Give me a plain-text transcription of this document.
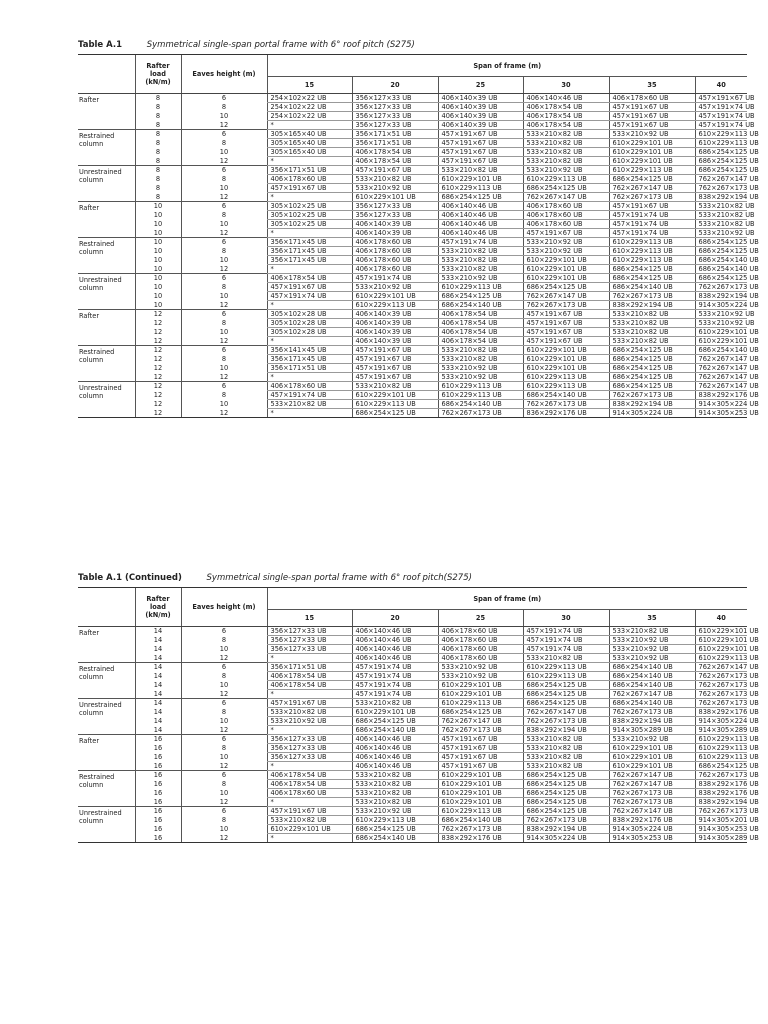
Table A.1	Symmetrical single-span portal frame with 6° roof pitch (S275)
	Rafter load (kN/m)	Eaves height (m)	Span of frame (m)					
			15	20	25	30	35	40
Rafter	8	6	254×102×22 UB	356×127×33 UB	406×140×39 UB	406×140×46 UB	406×178×60 UB	457×191×67 UB
	8	8	254×102×22 UB	356×127×33 UB	406×140×39 UB	406×178×54 UB	457×191×67 UB	457×191×74 UB
	8	10	254×102×22 UB	356×127×33 UB	406×140×39 UB	406×178×54 UB	457×191×67 UB	457×191×74 UB
	8	12	*	356×127×33 UB	406×140×39 UB	406×178×54 UB	457×191×67 UB	457×191×74 UB
Restrained column	8	6	305×165×40 UB	356×171×51 UB	457×191×67 UB	533×210×82 UB	533×210×92 UB	610×229×113 UB
	8	8	305×165×40 UB	356×171×51 UB	457×191×67 UB	533×210×82 UB	610×229×101 UB	610×229×113 UB
	8	10	305×165×40 UB	406×178×54 UB	457×191×67 UB	533×210×82 UB	610×229×101 UB	686×254×125 UB
	8	12	*	406×178×54 UB	457×191×67 UB	533×210×82 UB	610×229×101 UB	686×254×125 UB
Unrestrained column	8	6	356×171×51 UB	457×191×67 UB	533×210×82 UB	533×210×92 UB	610×229×113 UB	686×254×125 UB
	8	8	406×178×60 UB	533×210×82 UB	610×229×101 UB	610×229×113 UB	686×254×125 UB	762×267×147 UB
	8	10	457×191×67 UB	533×210×92 UB	610×229×113 UB	686×254×125 UB	762×267×147 UB	762×267×173 UB
	8	12	*	610×229×101 UB	686×254×125 UB	762×267×147 UB	762×267×173 UB	838×292×194 UB
Rafter	10	6	305×102×25 UB	356×127×33 UB	406×140×46 UB	406×178×60 UB	457×191×67 UB	533×210×82 UB
	10	8	305×102×25 UB	356×127×33 UB	406×140×46 UB	406×178×60 UB	457×191×74 UB	533×210×82 UB
	10	10	305×102×25 UB	406×140×39 UB	406×140×46 UB	406×178×60 UB	457×191×74 UB	533×210×82 UB
	10	12	*	406×140×39 UB	406×140×46 UB	457×191×67 UB	457×191×74 UB	533×210×92 UB
Restrained column	10	6	356×171×45 UB	406×178×60 UB	457×191×74 UB	533×210×92 UB	610×229×113 UB	686×254×125 UB
	10	8	356×171×45 UB	406×178×60 UB	533×210×82 UB	533×210×92 UB	610×229×113 UB	686×254×125 UB
	10	10	356×171×45 UB	406×178×60 UB	533×210×82 UB	610×229×101 UB	610×229×113 UB	686×254×140 UB
	10	12	*	406×178×60 UB	533×210×82 UB	610×229×101 UB	686×254×125 UB	686×254×140 UB
Unrestrained column	10	6	406×178×54 UB	457×191×74 UB	533×210×92 UB	610×229×101 UB	686×254×125 UB	686×254×125 UB
	10	8	457×191×67 UB	533×210×92 UB	610×229×113 UB	686×254×125 UB	686×254×140 UB	762×267×173 UB
	10	10	457×191×74 UB	610×229×101 UB	686×254×125 UB	762×267×147 UB	762×267×173 UB	838×292×194 UB
	10	12	*	610×229×113 UB	686×254×140 UB	762×267×173 UB	838×292×194 UB	914×305×224 UB
Rafter	12	6	305×102×28 UB	406×140×39 UB	406×178×54 UB	457×191×67 UB	533×210×82 UB	533×210×92 UB
	12	8	305×102×28 UB	406×140×39 UB	406×178×54 UB	457×191×67 UB	533×210×82 UB	533×210×92 UB
	12	10	305×102×28 UB	406×140×39 UB	406×178×54 UB	457×191×67 UB	533×210×82 UB	610×229×101 UB
	12	12	*	406×140×39 UB	406×178×54 UB	457×191×67 UB	533×210×82 UB	610×229×101 UB
Restrained column	12	6	356×141×45 UB	457×191×67 UB	533×210×82 UB	610×229×101 UB	686×254×125 UB	686×254×140 UB
	12	8	356×171×45 UB	457×191×67 UB	533×210×82 UB	610×229×101 UB	686×254×125 UB	762×267×147 UB
	12	10	356×171×51 UB	457×191×67 UB	533×210×92 UB	610×229×101 UB	686×254×125 UB	762×267×147 UB
	12	12	*	457×191×67 UB	533×210×92 UB	610×229×113 UB	686×254×125 UB	762×267×147 UB
Unrestrained column	12	6	406×178×60 UB	533×210×82 UB	610×229×113 UB	610×229×113 UB	686×254×125 UB	762×267×147 UB
	12	8	457×191×74 UB	610×229×101 UB	610×229×113 UB	686×254×140 UB	762×267×173 UB	838×292×176 UB
	12	10	533×210×82 UB	610×229×113 UB	686×254×140 UB	762×267×173 UB	838×292×194 UB	914×305×224 UB
	12	12	*	686×254×125 UB	762×267×173 UB	836×292×176 UB	914×305×224 UB	914×305×253 UB
Table A.1 (Continued)	Symmetrical single-span portal frame with 6° roof pitch(S275)
	Rafter load (kN/m)	Eaves height (m)	Span of frame (m)					
			15	20	25	30	35	40
Rafter	14	6	356×127×33 UB	406×140×46 UB	406×178×60 UB	457×191×74 UB	533×210×82 UB	610×229×101 UB
	14	8	356×127×33 UB	406×140×46 UB	406×178×60 UB	457×191×74 UB	533×210×92 UB	610×229×101 UB
	14	10	356×127×33 UB	406×140×46 UB	406×178×60 UB	457×191×74 UB	533×210×92 UB	610×229×101 UB
	14	12	*	406×140×46 UB	406×178×60 UB	533×210×82 UB	533×210×92 UB	610×229×113 UB
Restrained column	14	6	356×171×51 UB	457×191×74 UB	533×210×92 UB	610×229×113 UB	686×254×140 UB	762×267×147 UB
	14	8	406×178×54 UB	457×191×74 UB	533×210×92 UB	610×229×113 UB	686×254×140 UB	762×267×173 UB
	14	10	406×178×54 UB	457×191×74 UB	610×229×101 UB	686×254×125 UB	686×254×140 UB	762×267×173 UB
	14	12	*	457×191×74 UB	610×229×101 UB	686×254×125 UB	762×267×147 UB	762×267×173 UB
Unrestrained column	14	6	457×191×67 UB	533×210×82 UB	610×229×113 UB	686×254×125 UB	686×254×140 UB	762×267×173 UB
	14	8	533×210×82 UB	610×229×101 UB	686×254×125 UB	762×267×147 UB	762×267×173 UB	838×292×176 UB
	14	10	533×210×92 UB	686×254×125 UB	762×267×147 UB	762×267×173 UB	838×292×194 UB	914×305×224 UB
	14	12	*	686×254×140 UB	762×267×173 UB	838×292×194 UB	914×305×289 UB	914×305×289 UB
Rafter	16	6	356×127×33 UB	406×140×46 UB	457×191×67 UB	533×210×82 UB	533×210×92 UB	610×229×113 UB
	16	8	356×127×33 UB	406×140×46 UB	457×191×67 UB	533×210×82 UB	610×229×101 UB	610×229×113 UB
	16	10	356×127×33 UB	406×140×46 UB	457×191×67 UB	533×210×82 UB	610×229×101 UB	610×229×113 UB
	16	12	*	406×140×46 UB	457×191×67 UB	533×210×82 UB	610×229×101 UB	686×254×125 UB
Restrained column	16	6	406×178×54 UB	533×210×82 UB	610×229×101 UB	686×254×125 UB	762×267×147 UB	762×267×173 UB
	16	8	406×178×54 UB	533×210×82 UB	610×229×101 UB	686×254×125 UB	762×267×147 UB	838×292×176 UB
	16	10	406×178×60 UB	533×210×82 UB	610×229×101 UB	686×254×125 UB	762×267×173 UB	838×292×176 UB
	16	12	*	533×210×82 UB	610×229×101 UB	686×254×125 UB	762×267×173 UB	838×292×194 UB
Unrestrained column	16	6	457×191×67 UB	533×210×92 UB	610×229×113 UB	686×254×125 UB	762×267×147 UB	762×267×173 UB
	16	8	533×210×82 UB	610×229×113 UB	686×254×140 UB	762×267×173 UB	838×292×176 UB	914×305×201 UB
	16	10	610×229×101 UB	686×254×125 UB	762×267×173 UB	838×292×194 UB	914×305×224 UB	914×305×253 UB
	16	12	*	686×254×140 UB	838×292×176 UB	914×305×224 UB	914×305×253 UB	914×305×289 UB
